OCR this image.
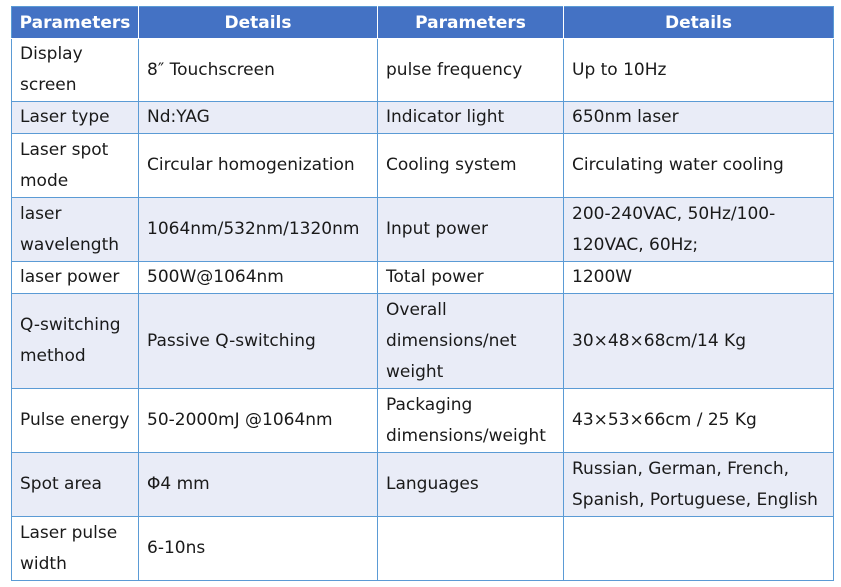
Parameters	Details	Parameters	Details
Display screen	8″ Touchscreen	pulse frequency	Up to 10Hz
Laser type	Nd:YAG	Indicator light	650nm laser
Laser spot mode	Circular homogenization	Cooling system	Circulating water cooling
laser wavelength	1064nm/532nm/1320nm	Input power	200-240VAC, 50Hz/100-120VAC, 60Hz;
laser power	500W@1064nm	Total power	1200W
Q-switching method	Passive Q-switching	Overall dimensions/net weight	30×48×68cm/14 Kg
Pulse energy	50-2000mJ @1064nm	Packaging dimensions/weight	43×53×66cm / 25 Kg
Spot area	Φ4 mm	Languages	Russian, German, French, Spanish, Portuguese, English
Laser pulse width	6-10ns		
